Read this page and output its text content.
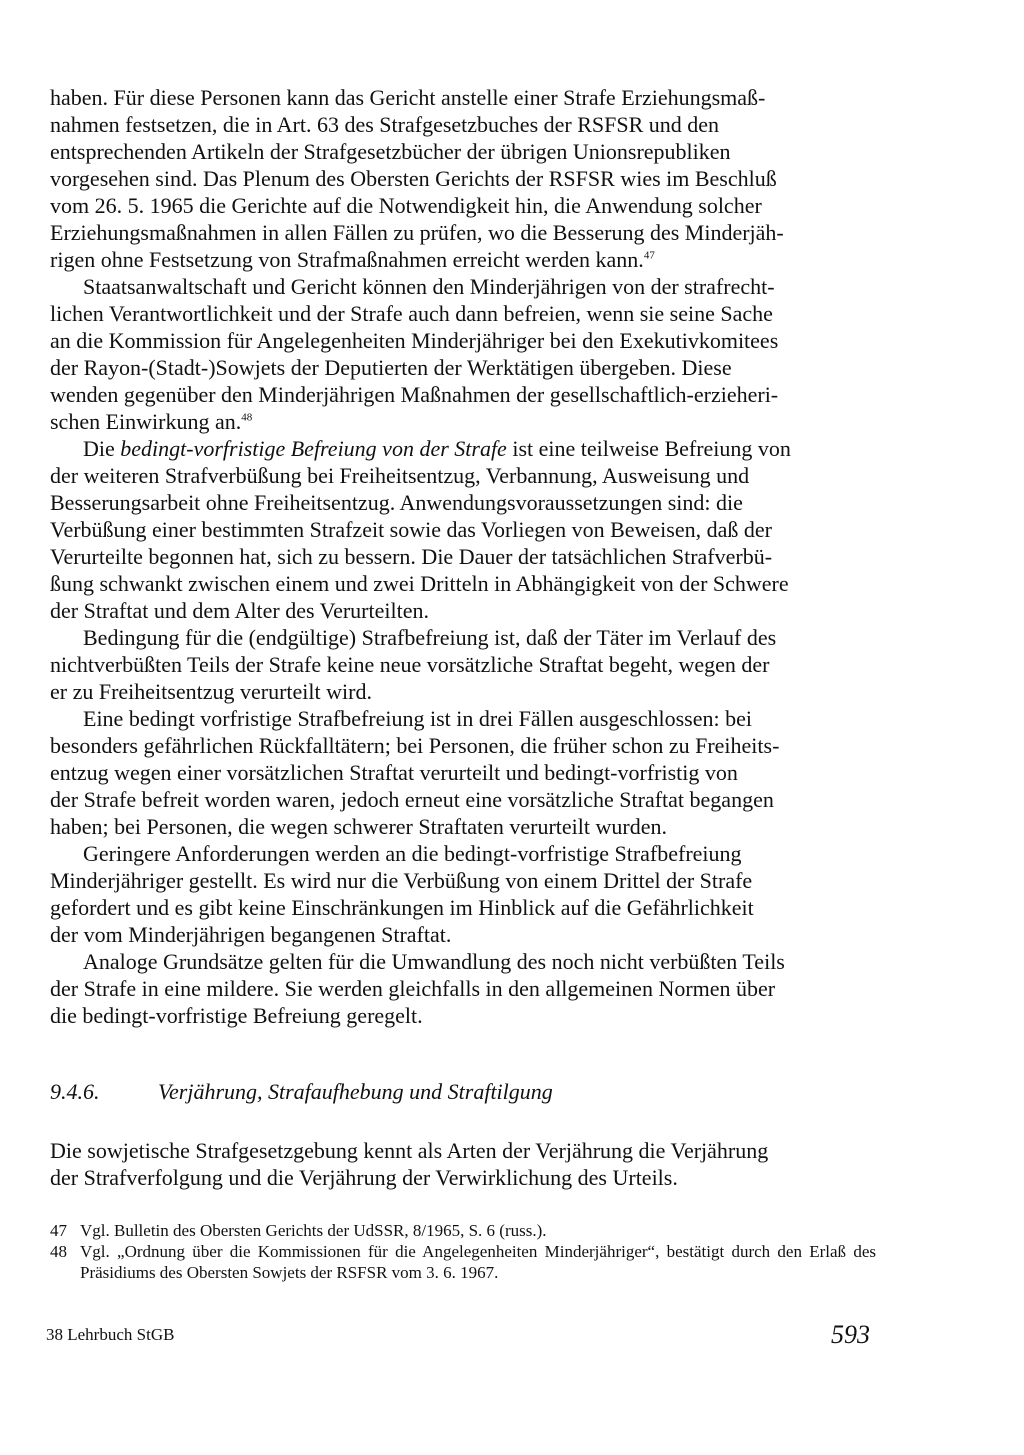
haben. Für diese Personen kann das Gericht anstelle einer Strafe Erziehungsmaß-
nahmen festsetzen, die in Art. 63 des Strafgesetzbuches der RSFSR und den
entsprechenden Artikeln der Strafgesetzbücher der übrigen Unionsrepubliken
vorgesehen sind. Das Plenum des Obersten Gerichts der RSFSR wies im Beschluß
vom 26. 5. 1965 die Gerichte auf die Notwendigkeit hin, die Anwendung solcher
Erziehungsmaßnahmen in allen Fällen zu prüfen, wo die Besserung des Minderjäh-
rigen ohne Festsetzung von Strafmaßnahmen erreicht werden kann.$^{47}$

Staatsanwaltschaft und Gericht können den Minderjährigen von der strafrecht-
lichen Verantwortlichkeit und der Strafe auch dann befreien, wenn sie seine Sache
an die Kommission für Angelegenheiten Minderjähriger bei den Exekutivkomitees
der Rayon-(Stadt-)Sowjets der Deputierten der Werktätigen übergeben. Diese
wenden gegenüber den Minderjährigen Maßnahmen der gesellschaftlich-erzieheri-
schen Einwirkung an.$^{48}$

Die bedingt-vorfristige Befreiung von der Strafe ist eine teilweise Befreiung von
der weiteren Strafverbüßung bei Freiheitsentzug, Verbannung, Ausweisung und
Besserungsarbeit ohne Freiheitsentzug. Anwendungsvoraussetzungen sind: die
Verbüßung einer bestimmten Strafzeit sowie das Vorliegen von Beweisen, daß der
Verurteilte begonnen hat, sich zu bessern. Die Dauer der tatsächlichen Strafverbü-
ßung schwankt zwischen einem und zwei Dritteln in Abhängigkeit von der Schwere
der Straftat und dem Alter des Verurteilten.

Bedingung für die (endgültige) Strafbefreiung ist, daß der Täter im Verlauf des
nichtverbüßten Teils der Strafe keine neue vorsätzliche Straftat begeht, wegen der
er zu Freiheitsentzug verurteilt wird.

Eine bedingt vorfristige Strafbefreiung ist in drei Fällen ausgeschlossen: bei
besonders gefährlichen Rückfalltätern; bei Personen, die früher schon zu Freiheits-
entzug wegen einer vorsätzlichen Straftat verurteilt und bedingt-vorfristig von
der Strafe befreit worden waren, jedoch erneut eine vorsätzliche Straftat begangen
haben; bei Personen, die wegen schwerer Straftaten verurteilt wurden.

Geringere Anforderungen werden an die bedingt-vorfristige Strafbefreiung
Minderjähriger gestellt. Es wird nur die Verbüßung von einem Drittel der Strafe
gefordert und es gibt keine Einschränkungen im Hinblick auf die Gefährlichkeit
der vom Minderjährigen begangenen Straftat.

Analoge Grundsätze gelten für die Umwandlung des noch nicht verbüßten Teils
der Strafe in eine mildere. Sie werden gleichfalls in den allgemeinen Normen über
die bedingt-vorfristige Befreiung geregelt.

9.4.6.	Verjährung, Strafaufhebung und Straftilgung

Die sowjetische Strafgesetzgebung kennt als Arten der Verjährung die Verjährung
der Strafverfolgung und die Verjährung der Verwirklichung des Urteils.

47 Vgl. Bulletin des Obersten Gerichts der UdSSR, 8/1965, S. 6 (russ.).

48 Vgl. „Ordnung über die Kommissionen für die Angelegenheiten Minderjähriger“, bestätigt durch den Erlaß des Präsidiums des Obersten Sowjets der RSFSR vom 3. 6. 1967.

38 Lehrbuch StGB	593
